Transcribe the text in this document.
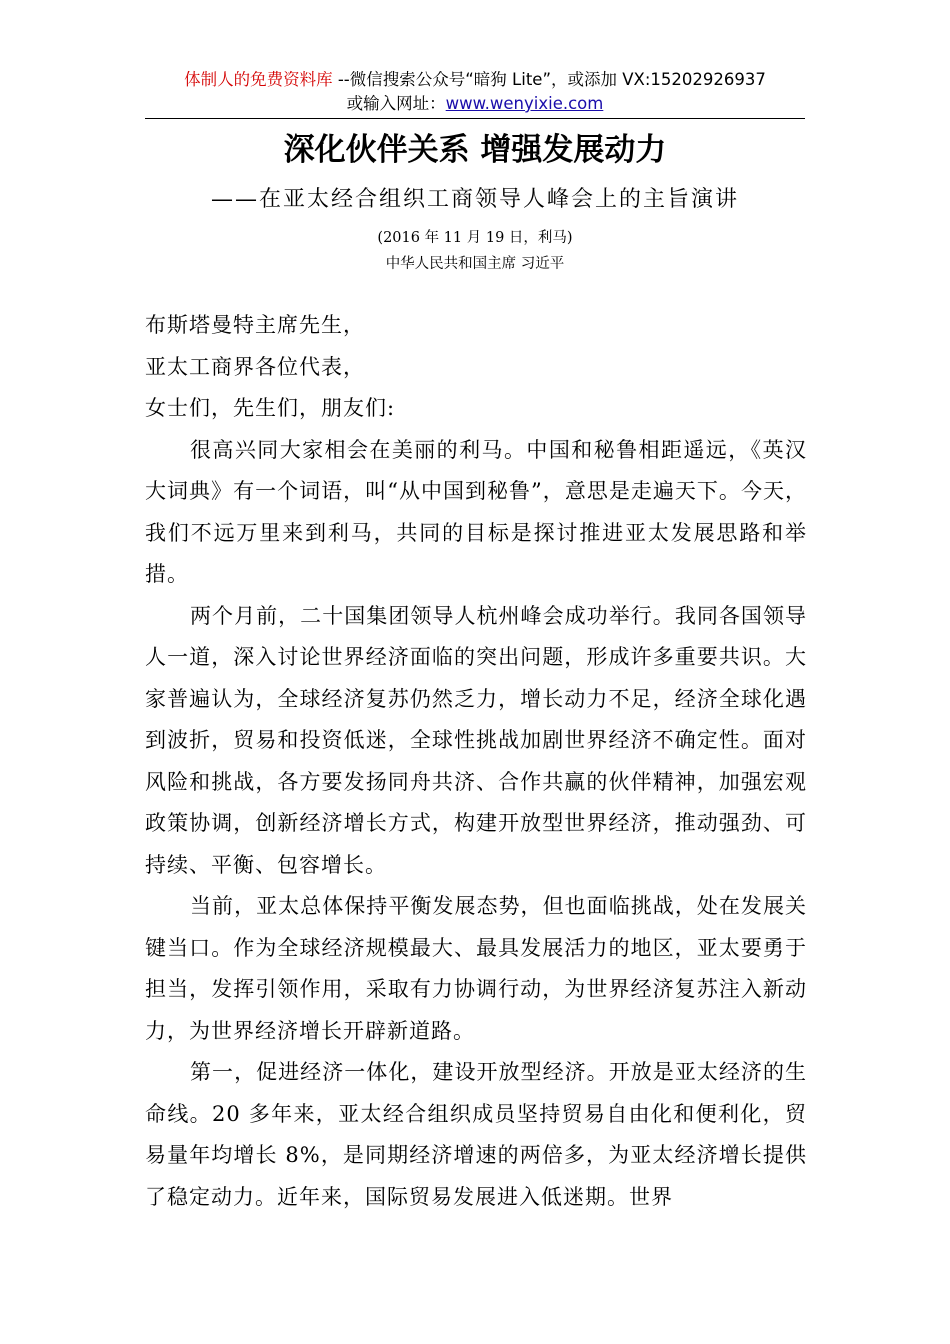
体制人的免费资料库 --微信搜索公众号“暗狗 Lite”，或添加 VX:15202926937
或输入网址：www.wenyixie.com
深化伙伴关系 增强发展动力
——在亚太经合组织工商领导人峰会上的主旨演讲
(2016 年 11 月 19 日，利马)
中华人民共和国主席 习近平

布斯塔曼特主席先生，

亚太工商界各位代表，

女士们，先生们，朋友们:

很高兴同大家相会在美丽的利马。中国和秘鲁相距遥远，《英汉大词典》有一个词语，叫“从中国到秘鲁”，意思是走遍天下。今天，我们不远万里来到利马，共同的目标是探讨推进亚太发展思路和举措。

两个月前，二十国集团领导人杭州峰会成功举行。我同各国领导人一道，深入讨论世界经济面临的突出问题，形成许多重要共识。大家普遍认为，全球经济复苏仍然乏力，增长动力不足，经济全球化遇到波折，贸易和投资低迷，全球性挑战加剧世界经济不确定性。面对风险和挑战，各方要发扬同舟共济、合作共赢的伙伴精神，加强宏观政策协调，创新经济增长方式，构建开放型世界经济，推动强劲、可持续、平衡、包容增长。

当前，亚太总体保持平衡发展态势，但也面临挑战，处在发展关键当口。作为全球经济规模最大、最具发展活力的地区，亚太要勇于担当，发挥引领作用，采取有力协调行动，为世界经济复苏注入新动力，为世界经济增长开辟新道路。

第一，促进经济一体化，建设开放型经济。开放是亚太经济的生命线。20 多年来，亚太经合组织成员坚持贸易自由化和便利化，贸易量年均增长 8%，是同期经济增速的两倍多，为亚太经济增长提供了稳定动力。近年来，国际贸易发展进入低迷期。世界
